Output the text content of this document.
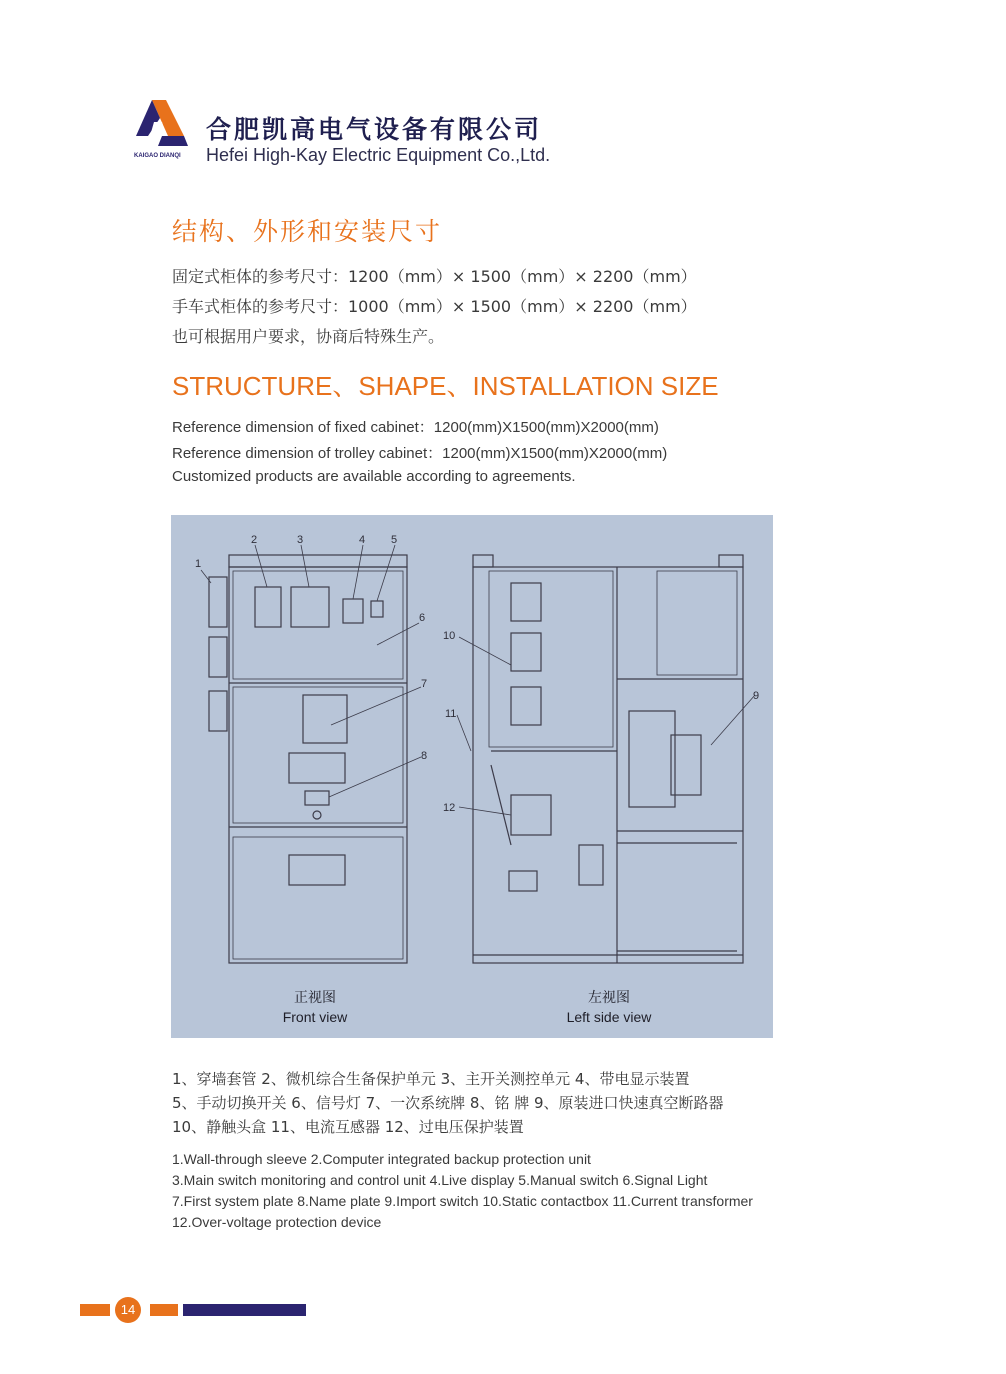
KAIGAO DIANQI
合肥凯高电气设备有限公司
Hefei High-Kay Electric Equipment Co.,Ltd.
结构、外形和安装尺寸
固定式柜体的参考尺寸：1200（mm）× 1500（mm）× 2200（mm）
手车式柜体的参考尺寸：1000（mm）× 1500（mm）× 2200（mm）
也可根据用户要求，协商后特殊生产。
STRUCTURE、SHAPE、INSTALLATION SIZE
Reference dimension of fixed cabinet：1200(mm)X1500(mm)X2000(mm)
Reference dimension of trolley cabinet：1200(mm)X1500(mm)X2000(mm)
Customized products are available according to agreements.
1
2	3	4 5
6
7
8
9
10
11
12
正视图
Front view
左视图
Left side view
1、穿墙套管 2、微机综合生备保护单元 3、主开关测控单元 4、带电显示装置
5、手动切换开关 6、信号灯 7、一次系统牌 8、铭 牌 9、原装进口快速真空断路器
10、静触头盒 11、电流互感器 12、过电压保护装置
1.Wall-through sleeve 2.Computer integrated backup protection unit
3.Main switch monitoring and control unit 4.Live display 5.Manual switch 6.Signal Light
7.First system plate 8.Name plate 9.Import switch 10.Static contactbox 11.Current transformer
12.Over-voltage protection device
14
